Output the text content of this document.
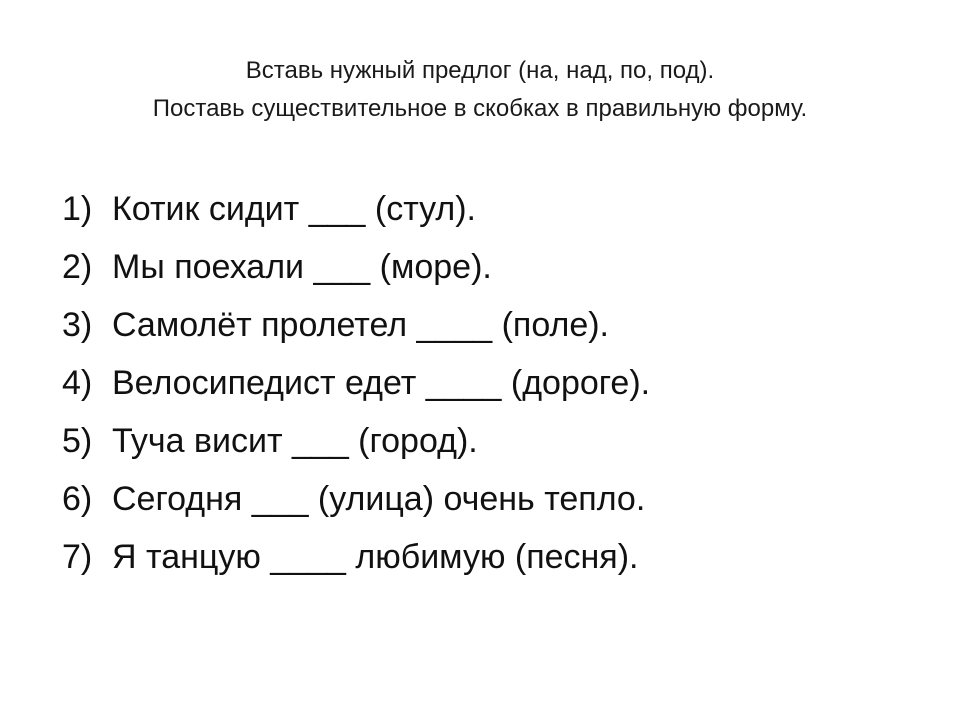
Вставь нужный предлог (на, над, по, под).
Поставь существительное в скобках в правильную форму.
1) Котик сидит ___ (стул).
2) Мы поехали ___ (море).
3) Самолёт пролетел ____ (поле).
4) Велосипедист едет ____ (дороге).
5) Туча висит ___ (город).
6) Сегодня ___ (улица) очень тепло.
7) Я танцую ____ любимую (песня).
